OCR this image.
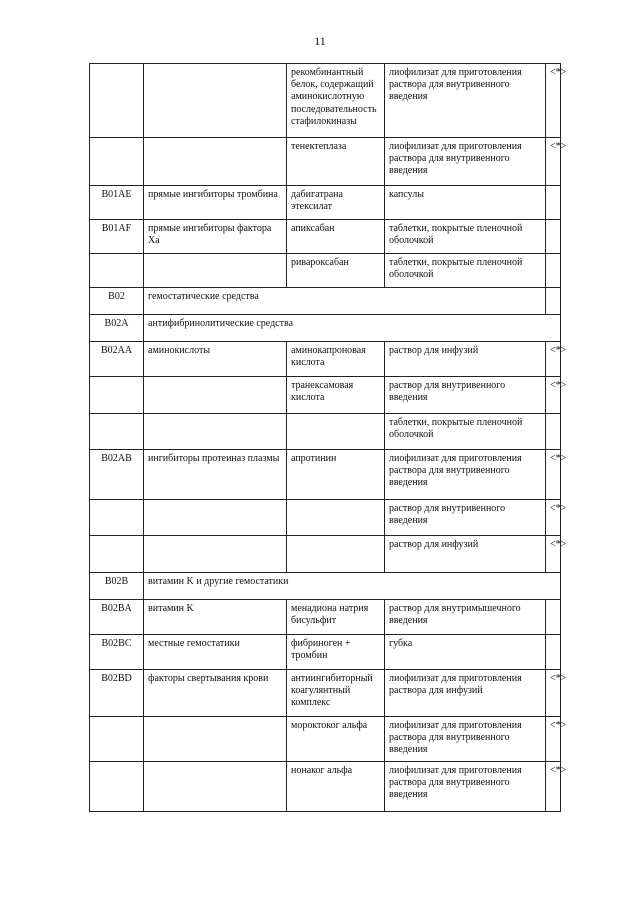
11
		рекомбинантный белок, содержащий аминокислотную последовательность стафилокиназы	лиофилизат для приготовления раствора для внутривенного введения	<*>
		тенектеплаза	лиофилизат для приготовления раствора для внутривенного введения	<*>
B01AE	прямые ингибиторы тромбина	дабигатрана этексилат	капсулы	
B01AF	прямые ингибиторы фактора Xa	апиксабан	таблетки, покрытые пленочной оболочкой	
		ривароксабан	таблетки, покрытые пленочной оболочкой	
B02	гемостатические средства			
B02A	антифибринолитические средства			
B02AA	аминокислоты	аминокапроновая кислота	раствор для инфузий	<*>
		транексамовая кислота	раствор для внутривенного введения	<*>
			таблетки, покрытые пленочной оболочкой	
B02AB	ингибиторы протеиназ плазмы	апротинин	лиофилизат для приготовления раствора для внутривенного введения	<*>
			раствор для внутривенного введения	<*>
			раствор для инфузий	<*>
B02B	витамин K и другие гемостатики			
B02BA	витамин K	менадиона натрия бисульфит	раствор для внутримышечного введения	
B02BC	местные гемостатики	фибриноген + тромбин	губка	
B02BD	факторы свертывания крови	антиингибиторный коагулянтный комплекс	лиофилизат для приготовления раствора для инфузий	<*>
		мороктоког альфа	лиофилизат для приготовления раствора для внутривенного введения	<*>
		нонаког альфа	лиофилизат для приготовления раствора для внутривенного введения	<*>
